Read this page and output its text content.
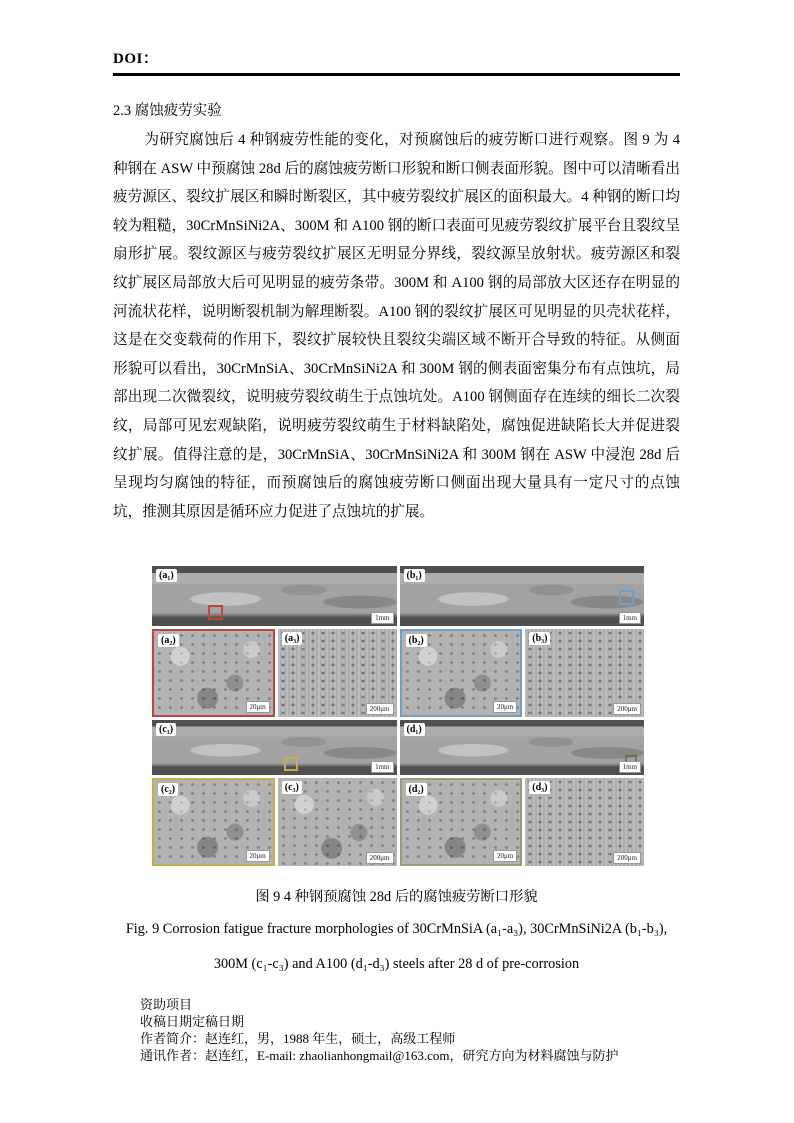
DOI：
2.3 腐蚀疲劳实验
为研究腐蚀后 4 种钢疲劳性能的变化，对预腐蚀后的疲劳断口进行观察。图 9 为 4 种钢在 ASW 中预腐蚀 28d 后的腐蚀疲劳断口形貌和断口侧表面形貌。图中可以清晰看出疲劳源区、裂纹扩展区和瞬时断裂区，其中疲劳裂纹扩展区的面积最大。4 种钢的断口均较为粗糙，30CrMnSiNi2A、300M 和 A100 钢的断口表面可见疲劳裂纹扩展平台且裂纹呈扇形扩展。裂纹源区与疲劳裂纹扩展区无明显分界线，裂纹源呈放射状。疲劳源区和裂纹扩展区局部放大后可见明显的疲劳条带。300M 和 A100 钢的局部放大区还存在明显的河流状花样，说明断裂机制为解理断裂。A100 钢的裂纹扩展区可见明显的贝壳状花样，这是在交变载荷的作用下，裂纹扩展较快且裂纹尖端区域不断开合导致的特征。从侧面形貌可以看出，30CrMnSiA、30CrMnSiNi2A 和 300M 钢的侧表面密集分布有点蚀坑，局部出现二次微裂纹，说明疲劳裂纹萌生于点蚀坑处。A100 钢侧面存在连续的细长二次裂纹，局部可见宏观缺陷，说明疲劳裂纹萌生于材料缺陷处，腐蚀促进缺陷长大并促进裂纹扩展。值得注意的是，30CrMnSiA、30CrMnSiNi2A 和 300M 钢在 ASW 中浸泡 28d 后呈现均匀腐蚀的特征，而预腐蚀后的腐蚀疲劳断口侧面出现大量具有一定尺寸的点蚀坑，推测其原因是循环应力促进了点蚀坑的扩展。
(a₁)
1mm
(b₁)
1mm
(a₂)
20μm
(a₃)
200μm
(b₂)
20μm
(b₃)
200μm
(c₁)
1mm
(d₁)
1mm
(c₂)
20μm
(c₃)
200μm
(d₂)
20μm
(d₃)
200μm
图 9 4 种钢预腐蚀 28d 后的腐蚀疲劳断口形貌
Fig. 9 Corrosion fatigue fracture morphologies of 30CrMnSiA (a₁-a₃), 30CrMnSiNi2A (b₁-b₃),
300M (c₁-c₃) and A100 (d₁-d₃) steels after 28 d of pre-corrosion
资助项目
收稿日期定稿日期
作者简介：赵连红，男，1988 年生，硕士，高级工程师
通讯作者：赵连红，E-mail: zhaolianhongmail@163.com，研究方向为材料腐蚀与防护
